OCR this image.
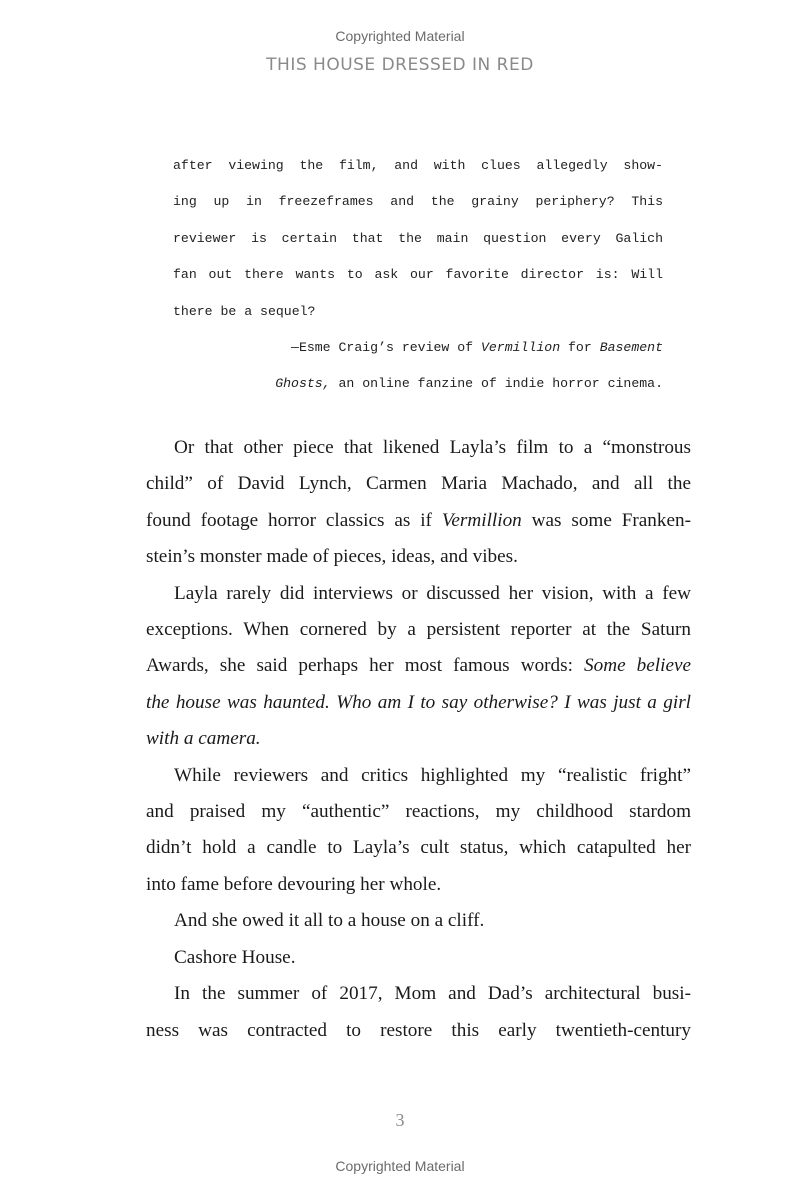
Copyrighted Material
THIS HOUSE DRESSED IN RED
after viewing the film, and with clues allegedly show-
ing up in freezeframes and the grainy periphery? This
reviewer is certain that the main question every Galich
fan out there wants to ask our favorite director is: Will
there be a sequel?
—Esme Craig’s review of Vermillion for Basement
Ghosts, an online fanzine of indie horror cinema.
Or that other piece that likened Layla’s film to a “monstrous
child” of David Lynch, Carmen Maria Machado, and all the
found footage horror classics as if Vermillion was some Franken-
stein’s monster made of pieces, ideas, and vibes.
Layla rarely did interviews or discussed her vision, with a few
exceptions. When cornered by a persistent reporter at the Saturn
Awards, she said perhaps her most famous words: Some believe
the house was haunted. Who am I to say otherwise? I was just a girl
with a camera.
While reviewers and critics highlighted my “realistic fright”
and praised my “authentic” reactions, my childhood stardom
didn’t hold a candle to Layla’s cult status, which catapulted her
into fame before devouring her whole.
And she owed it all to a house on a cliff.
Cashore House.
In the summer of 2017, Mom and Dad’s architectural busi-
ness was contracted to restore this early twentieth-century
3
Copyrighted Material
